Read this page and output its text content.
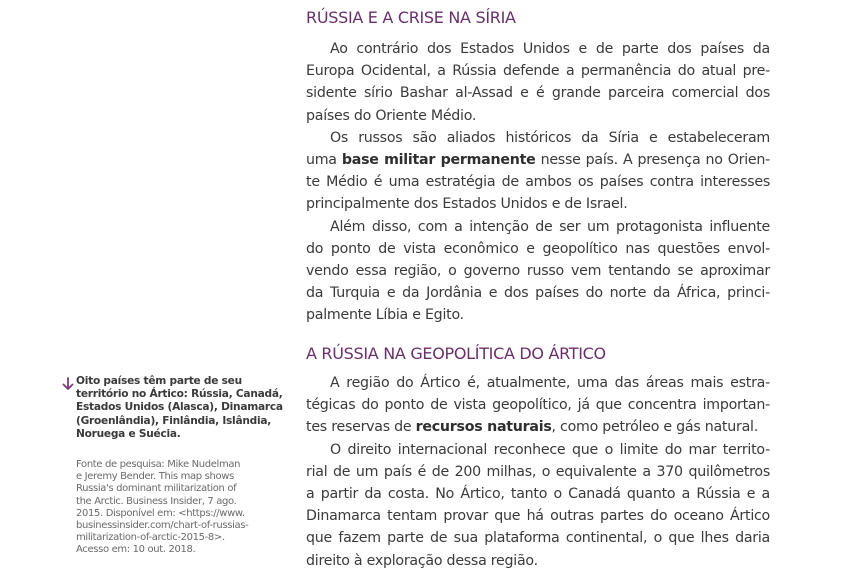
RÚSSIA E A CRISE NA SÍRIA
Ao contrário dos Estados Unidos e de parte dos países da
Europa Ocidental, a Rússia defende a permanência do atual pre-
sidente sírio Bashar al-Assad e é grande parceira comercial dos
países do Oriente Médio.
Os russos são aliados históricos da Síria e estabeleceram
uma base militar permanente nesse país. A presença no Orien-
te Médio é uma estratégia de ambos os países contra interesses
principalmente dos Estados Unidos e de Israel.
Além disso, com a intenção de ser um protagonista influente
do ponto de vista econômico e geopolítico nas questões envol-
vendo essa região, o governo russo vem tentando se aproximar
da Turquia e da Jordânia e dos países do norte da África, princi-
palmente Líbia e Egito.
A RÚSSIA NA GEOPOLÍTICA DO ÁRTICO
A região do Ártico é, atualmente, uma das áreas mais estra-
tégicas do ponto de vista geopolítico, já que concentra importan-
tes reservas de recursos naturais, como petróleo e gás natural.
O direito internacional reconhece que o limite do mar territo-
rial de um país é de 200 milhas, o equivalente a 370 quilômetros
a partir da costa. No Ártico, tanto o Canadá quanto a Rússia e a
Dinamarca tentam provar que há outras partes do oceano Ártico
que fazem parte de sua plataforma continental, o que lhes daria
direito à exploração dessa região.
Oito países têm parte de seu
território no Ártico: Rússia, Canadá,
Estados Unidos (Alasca), Dinamarca
(Groenlândia), Finlândia, Islândia,
Noruega e Suécia.
Fonte de pesquisa: Mike Nudelman
e Jeremy Bender. This map shows
Russia's dominant militarization of
the Arctic. Business Insider, 7 ago.
2015. Disponível em: <https://www.
businessinsider.com/chart-of-russias-
militarization-of-arctic-2015-8>.
Acesso em: 10 out. 2018.
